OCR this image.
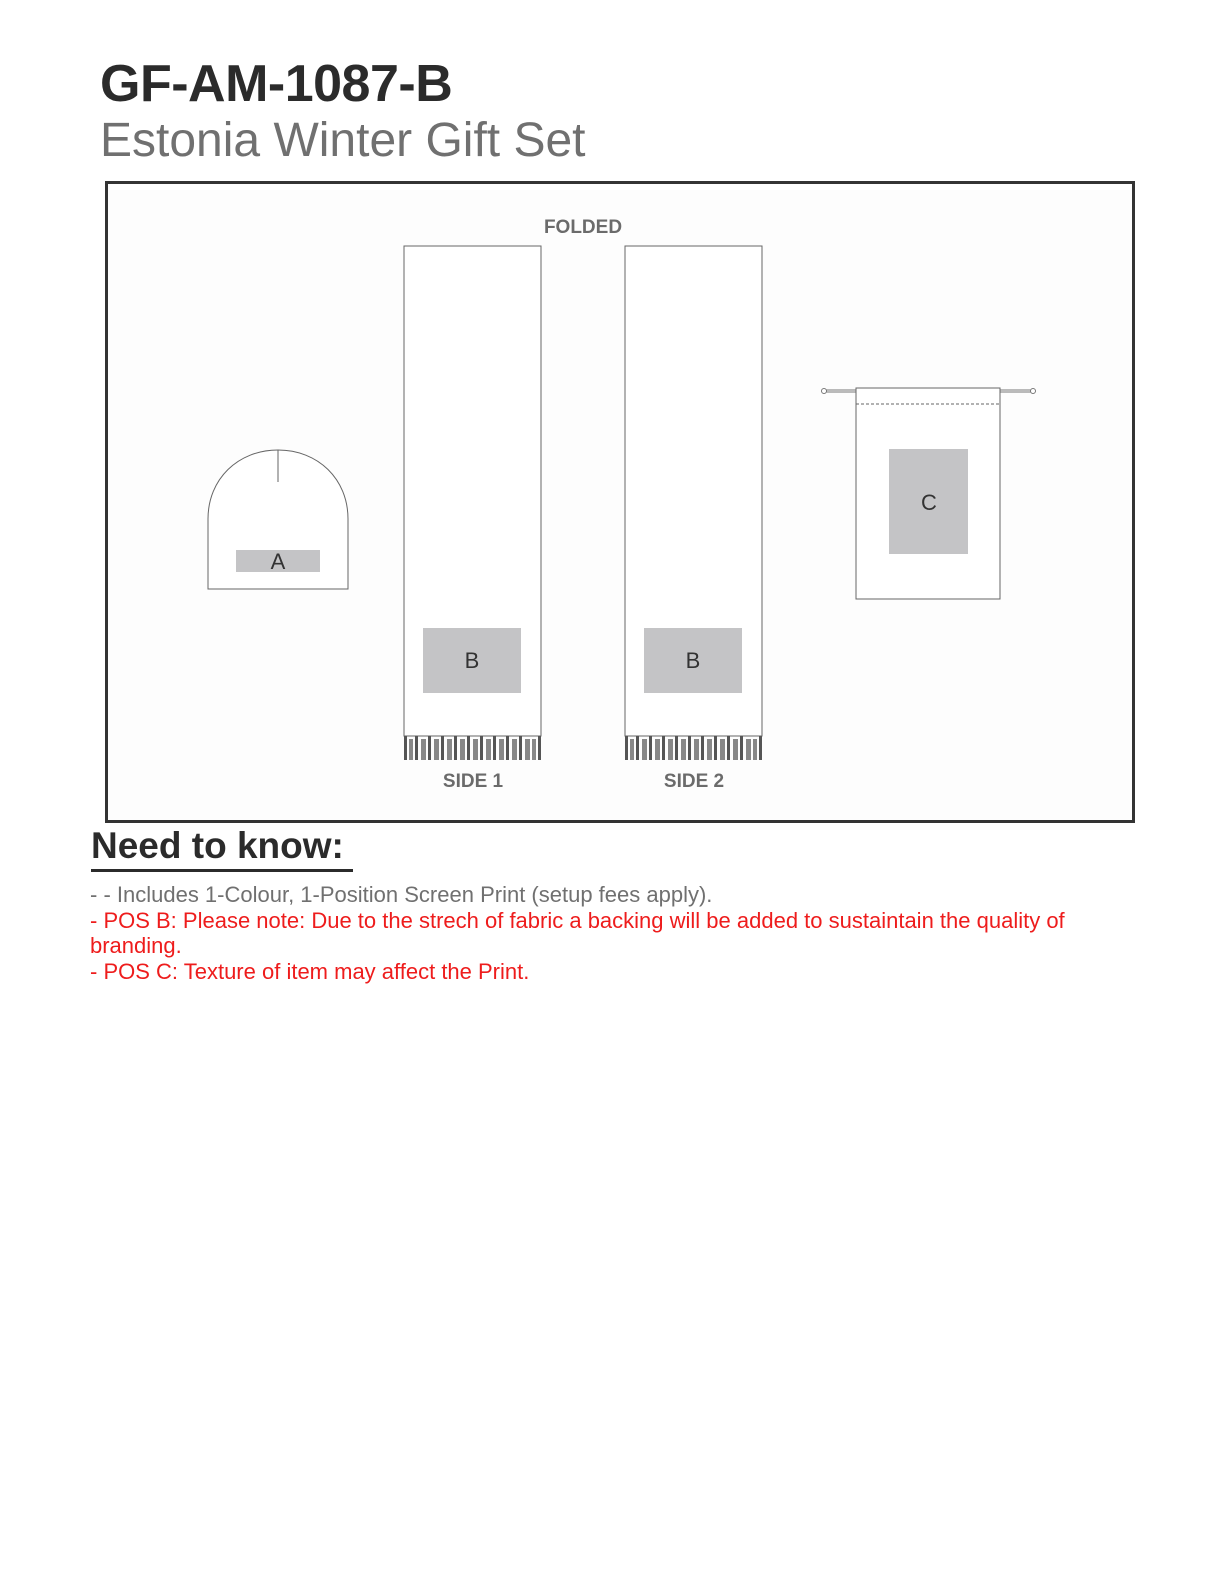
GF-AM-1087-B
Estonia Winter Gift Set
FOLDED
A
B
SIDE 1
B
SIDE 2
C
Need to know:
- - Includes 1-Colour, 1-Position Screen Print (setup fees apply).
- POS B: Please note: Due to the strech of fabric a backing will be added to sustaintain the quality of branding.
- POS C: Texture of item may affect the Print.
